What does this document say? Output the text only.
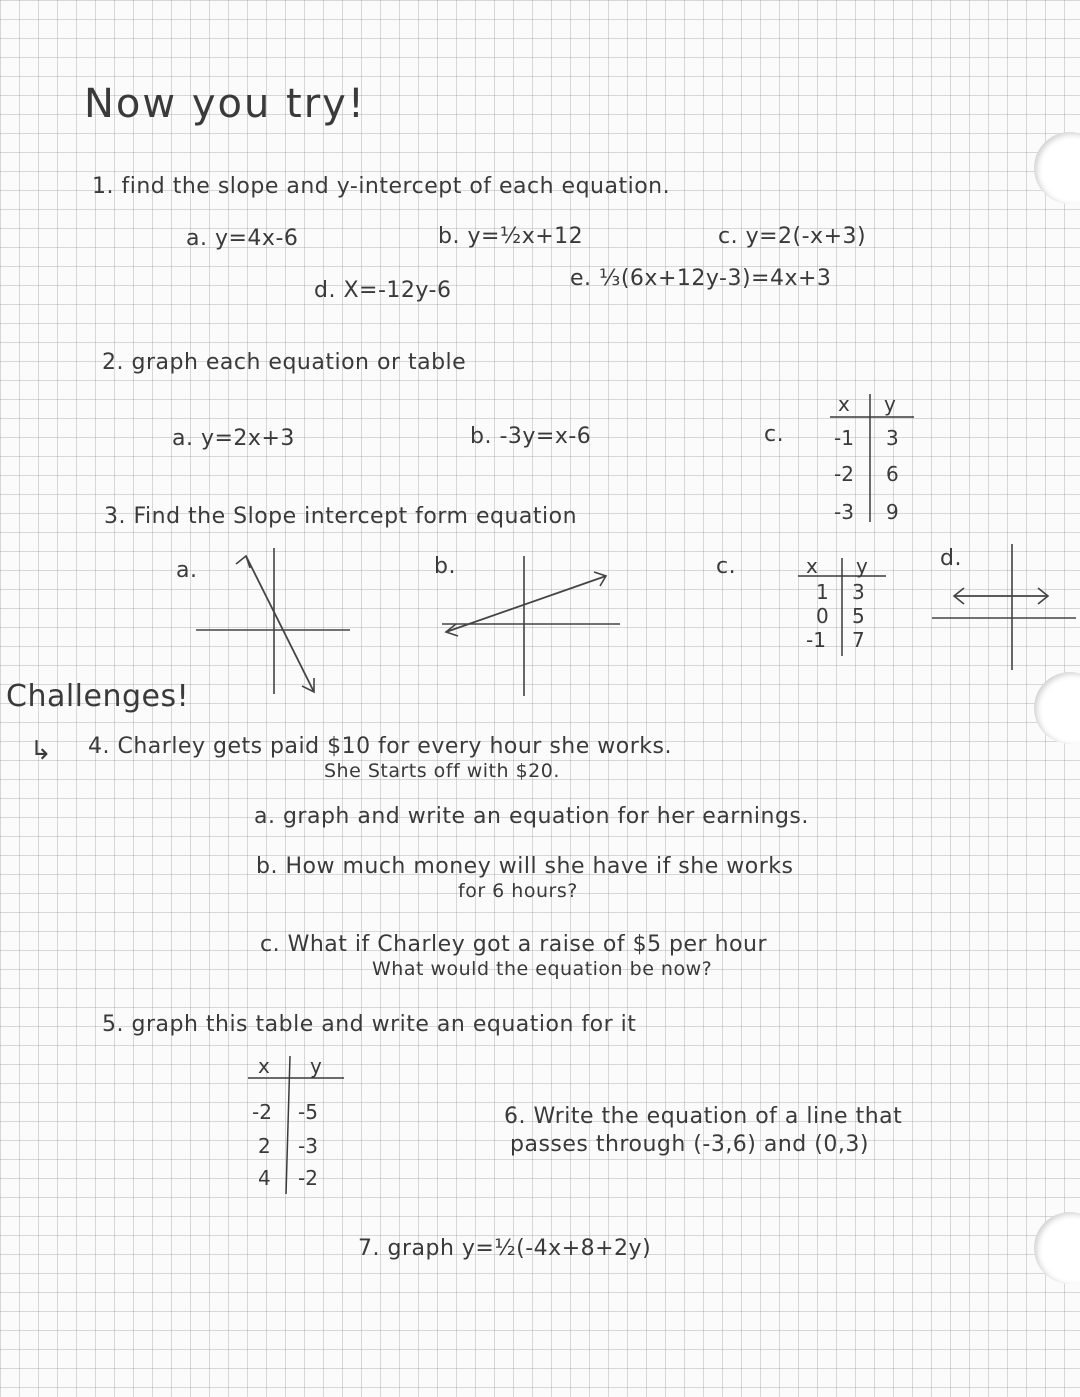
Now you try!
1. find the slope and y-intercept of each equation.
a. y=4x-6	b. y=½x+12	c. y=2(-x+3)
d. X=-12y-6	e. ⅓(6x+12y-3)=4x+3
2. graph each equation or table
a. y=2x+3	b. -3y=x-6	c.
x y
-1 3
-2 6
-3 9
3. Find the Slope intercept form equation
a.	b.	c.	d.
x y
1 3
0 5
-1 7
Challenges!
↳ 4. Charley gets paid $10 for every hour she works.
She Starts off with $20.
a. graph and write an equation for her earnings.
b. How much money will she have if she works
for 6 hours?
c. What if Charley got a raise of $5 per hour
What would the equation be now?
5. graph this table and write an equation for it
x y
-2 -5
2 -3
4 -2
6. Write the equation of a line that
passes through (-3,6) and (0,3)
7. graph y=½(-4x+8+2y)
